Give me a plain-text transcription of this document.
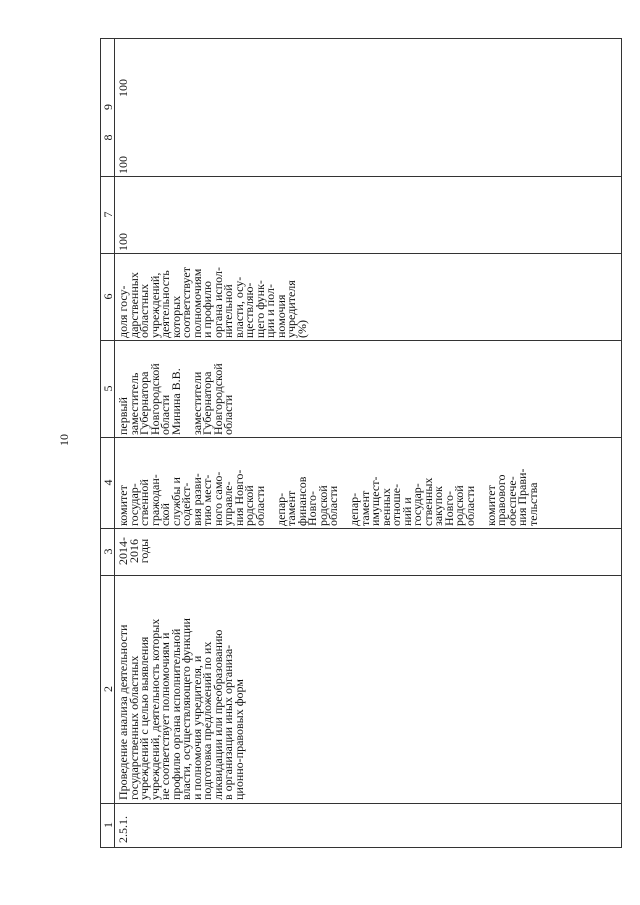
10
1
2
3
4
5
6
7
8
9
2.5.1.
Проведение анализа деятельности
государственных областных
учреждений с целью выявления
учреждений, деятельность которых
не соответствует полномочиям и
профилю органа исполнительной
власти, осуществляющего функции
и полномочия учредителя, и
подготовка предложений по их
ликвидации или преобразованию
в организации иных организа-
ционно-правовых форм
2014-
2016
годы
комитет
государ-
ственной
гражодан-
ской
службы и
содейст-
вия разви-
тию мест-
ного само-
управле-
ния Новго-
родской
области

депар-
тамент
финансов
Новго-
родской
области

депар-
тамент
имущест-
венных
отноше-
ний и
государ-
ственных
закупок
Новго-
родской
области

комитет
правового
обеспече-
ния Прави-
тельства
первый
заместитель
Губернатора
Новгородской
области
Минина В.В.

заместители
Губернатора
Новгородской
области
доля госу-
дарственных
областных
учреждений,
деятельность
которых
соответствует
полномочиям
и профилю
органа испол-
нительной
власти, осу-
ществляю-
щего функ-
ции и пол-
номочия
учредителя
(%)
100
100
100
